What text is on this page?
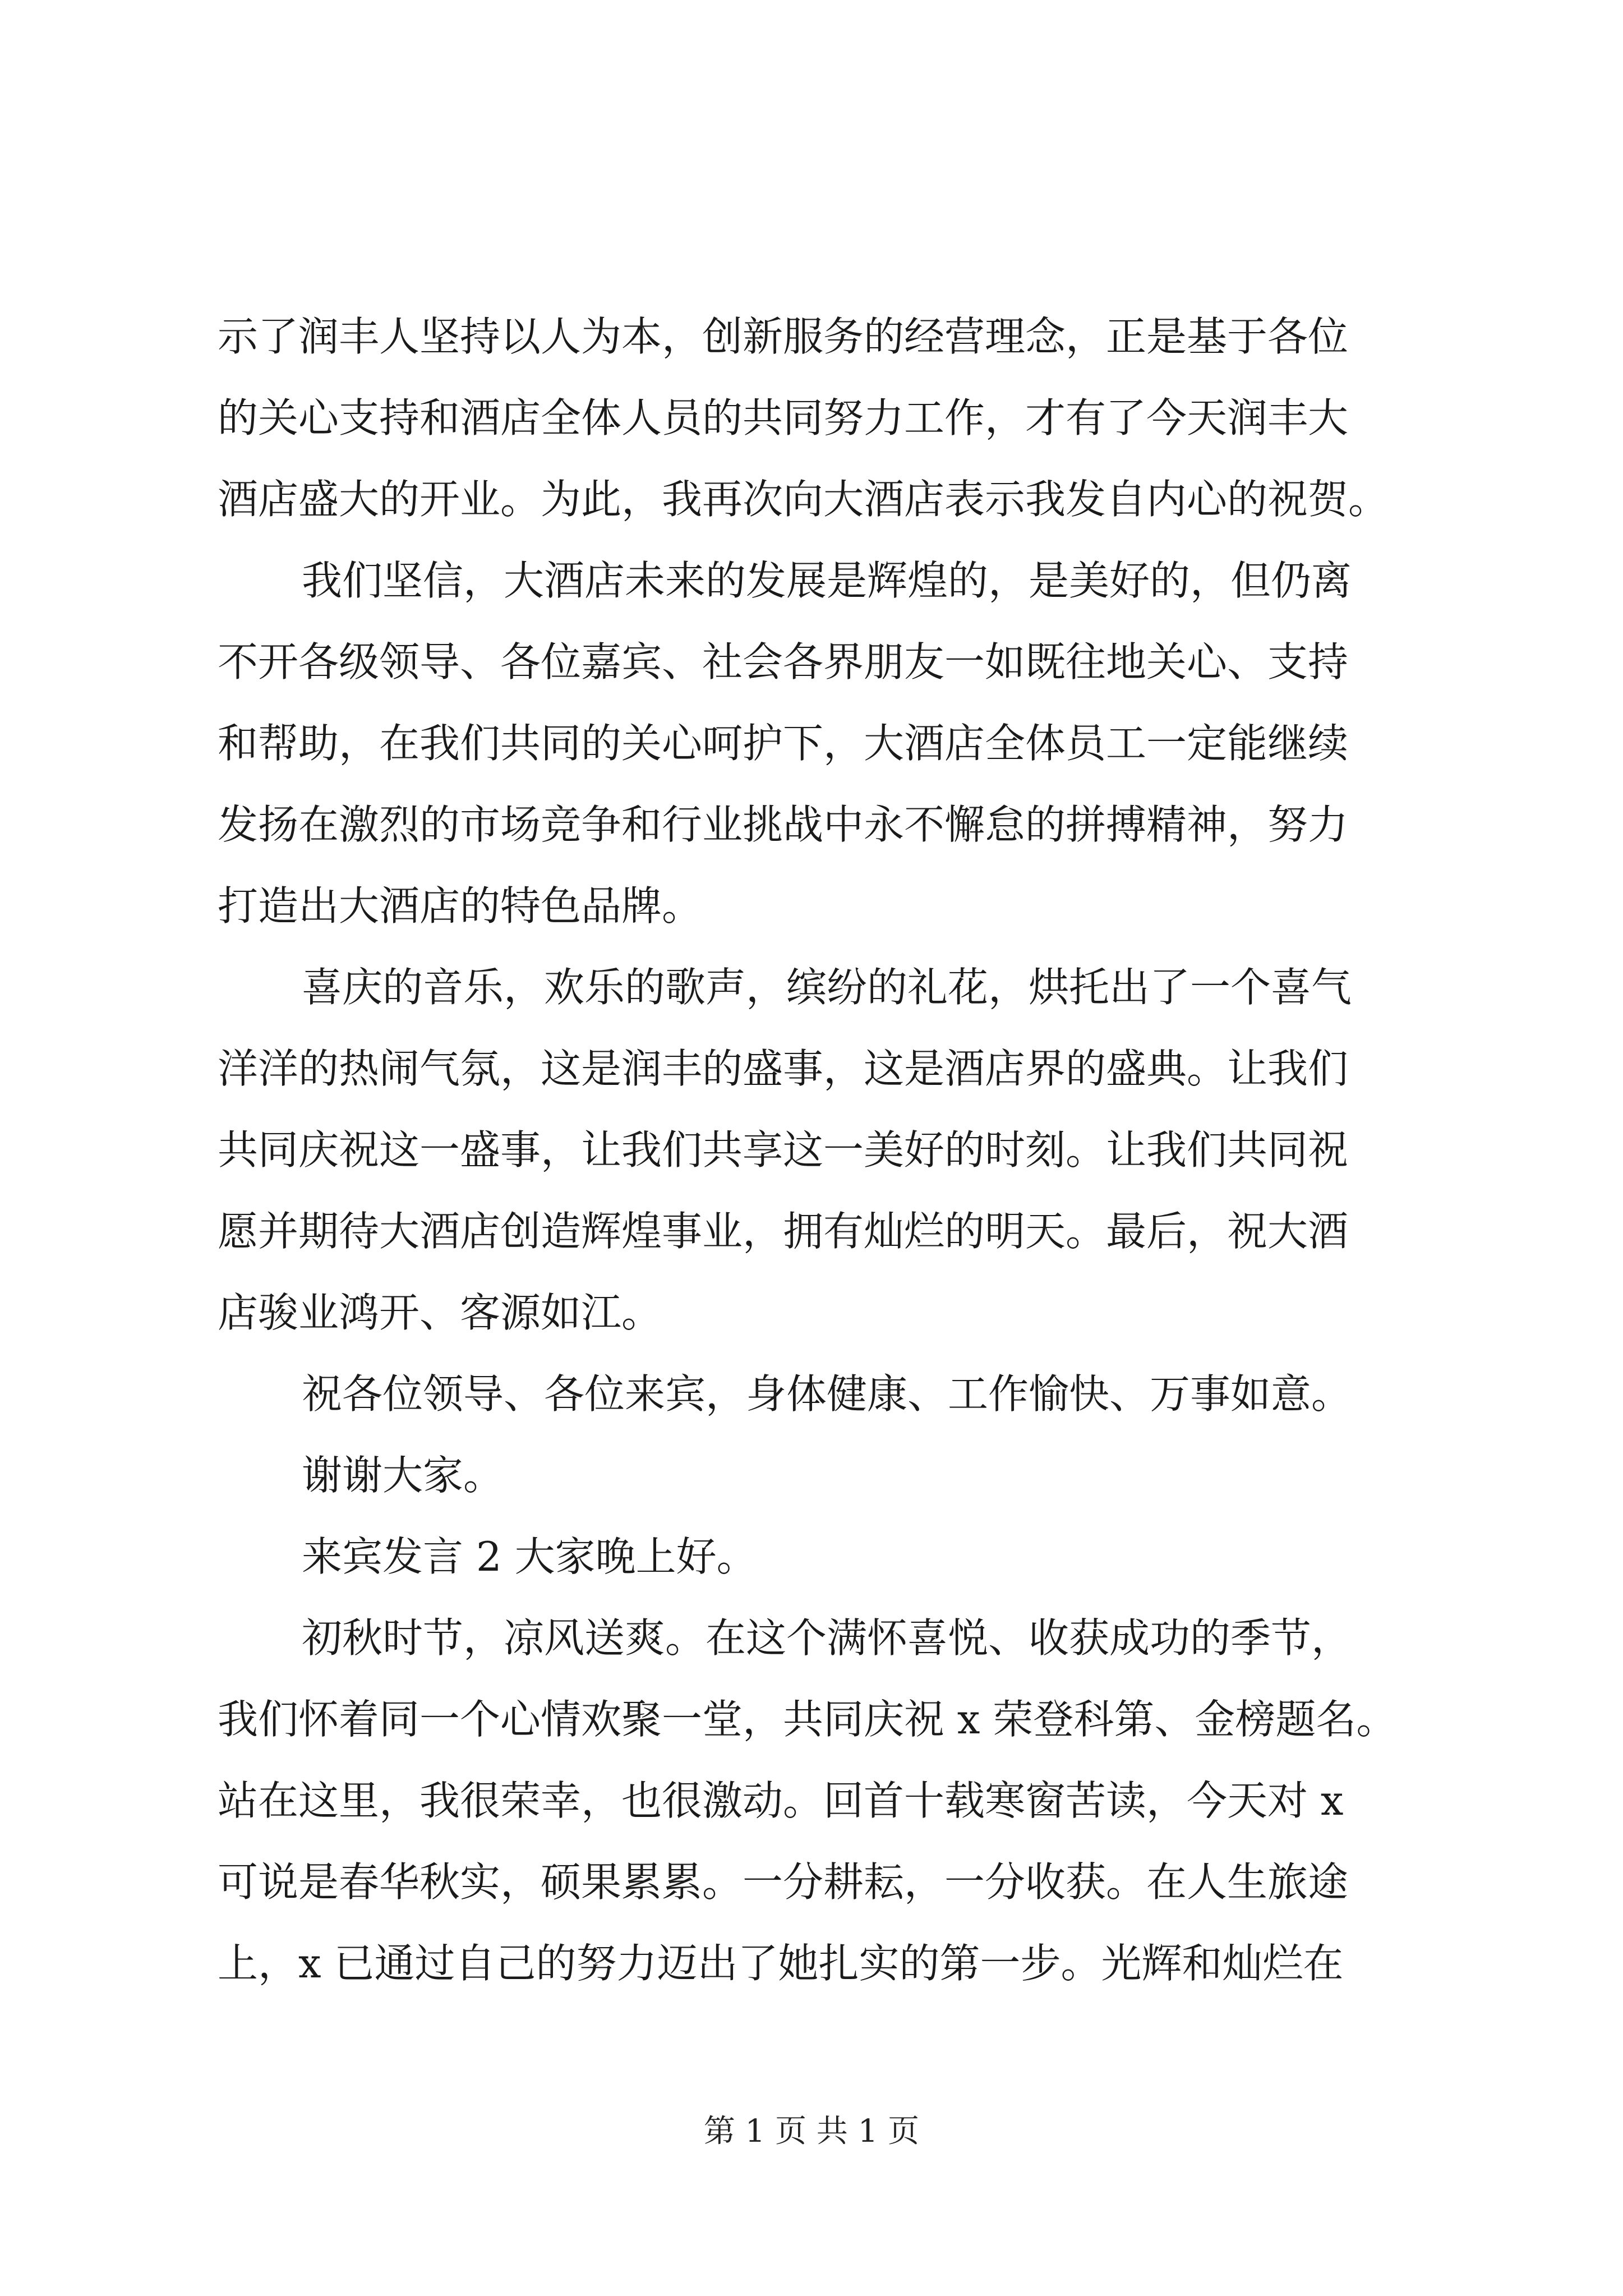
示了润丰人坚持以人为本，创新服务的经营理念，正是基于各位
的关心支持和酒店全体人员的共同努力工作，才有了今天润丰大
酒店盛大的开业。为此，我再次向大酒店表示我发自内心的祝贺。
我们坚信，大酒店未来的发展是辉煌的，是美好的，但仍离
不开各级领导、各位嘉宾、社会各界朋友一如既往地关心、支持
和帮助，在我们共同的关心呵护下，大酒店全体员工一定能继续
发扬在激烈的市场竞争和行业挑战中永不懈怠的拼搏精神，努力
打造出大酒店的特色品牌。
喜庆的音乐，欢乐的歌声，缤纷的礼花，烘托出了一个喜气
洋洋的热闹气氛，这是润丰的盛事，这是酒店界的盛典。让我们
共同庆祝这一盛事，让我们共享这一美好的时刻。让我们共同祝
愿并期待大酒店创造辉煌事业，拥有灿烂的明天。最后，祝大酒
店骏业鸿开、客源如江。
祝各位领导、各位来宾，身体健康、工作愉快、万事如意。
谢谢大家。
来宾发言 2 大家晚上好。
初秋时节，凉风送爽。在这个满怀喜悦、收获成功的季节，
我们怀着同一个心情欢聚一堂，共同庆祝 x 荣登科第、金榜题名。
站在这里，我很荣幸，也很激动。回首十载寒窗苦读，今天对 x
可说是春华秋实，硕果累累。一分耕耘，一分收获。在人生旅途
上，x 已通过自己的努力迈出了她扎实的第一步。光辉和灿烂在
第 1 页 共 1 页
